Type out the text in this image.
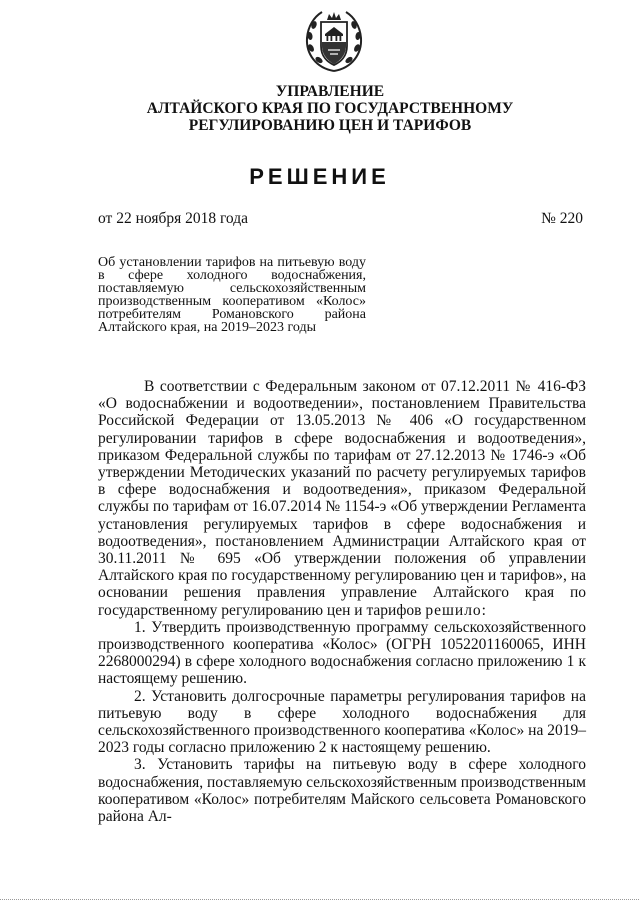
УПРАВЛЕНИЕ
АЛТАЙСКОГО КРАЯ ПО ГОСУДАРСТВЕННОМУ
РЕГУЛИРОВАНИЮ ЦЕН И ТАРИФОВ
РЕШЕНИЕ
от 22 ноября 2018 года	№ 220
Об установлении тарифов на питьевую воду в сфере холодного водоснабжения, поставляемую сельскохозяйственным производственным кооперативом «Колос» потребителям Романовского района Алтайского края, на 2019–2023 годы

В соответствии с Федеральным законом от 07.12.2011 № 416-ФЗ «О водоснабжении и водоотведении», постановлением Правительства Российской Федерации от 13.05.2013 № 406 «О государственном регулировании тарифов в сфере водоснабжения и водоотведения», приказом Федеральной службы по тарифам от 27.12.2013 № 1746-э «Об утверждении Методических указаний по расчету регулируемых тарифов в сфере водоснабжения и водоотведения», приказом Федеральной службы по тарифам от 16.07.2014 № 1154-э «Об утверждении Регламента установления регулируемых тарифов в сфере водоснабжения и водоотведения», постановлением Администрации Алтайского края от 30.11.2011 № 695 «Об утверждении положения об управлении Алтайского края по государственному регулированию цен и тарифов», на основании решения правления управление Алтайского края по государственному регулированию цен и тарифов решило:

1. Утвердить производственную программу сельскохозяйственного производственного кооператива «Колос» (ОГРН 1052201160065, ИНН 2268000294) в сфере холодного водоснабжения согласно приложению 1 к настоящему решению.

2. Установить долгосрочные параметры регулирования тарифов на питьевую воду в сфере холодного водоснабжения для сельскохозяйственного производственного кооператива «Колос» на 2019–2023 годы согласно приложению 2 к настоящему решению.

3. Установить тарифы на питьевую воду в сфере холодного водоснабжения, поставляемую сельскохозяйственным производственным кооперативом «Колос» потребителям Майского сельсовета Романовского района Ал-
